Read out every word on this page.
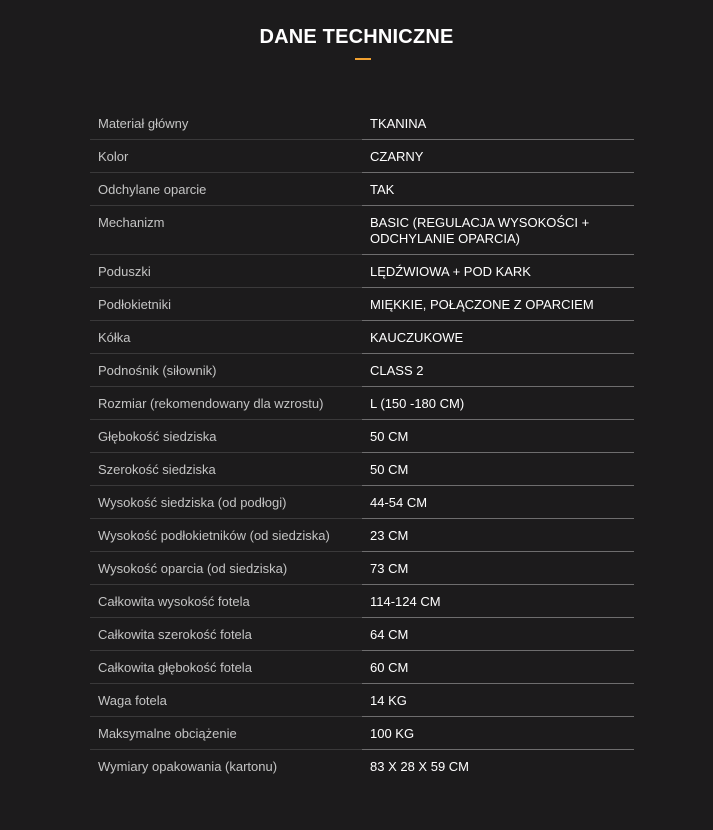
DANE TECHNICZNE
Materiał główny	TKANINA
Kolor	CZARNY
Odchylane oparcie	TAK
Mechanizm	BASIC (REGULACJA WYSOKOŚCI + ODCHYLANIE OPARCIA)
Poduszki	LĘDŹWIOWA + POD KARK
Podłokietniki	MIĘKKIE, POŁĄCZONE Z OPARCIEM
Kółka	KAUCZUKOWE
Podnośnik (siłownik)	CLASS 2
Rozmiar (rekomendowany dla wzrostu)	L (150 -180 CM)
Głębokość siedziska	50 CM
Szerokość siedziska	50 CM
Wysokość siedziska (od podłogi)	44-54 CM
Wysokość podłokietników (od siedziska)	23 CM
Wysokość oparcia (od siedziska)	73 CM
Całkowita wysokość fotela	114-124 CM
Całkowita szerokość fotela	64 CM
Całkowita głębokość fotela	60 CM
Waga fotela	14 KG
Maksymalne obciążenie	100 KG
Wymiary opakowania (kartonu)	83 X 28 X 59 CM
